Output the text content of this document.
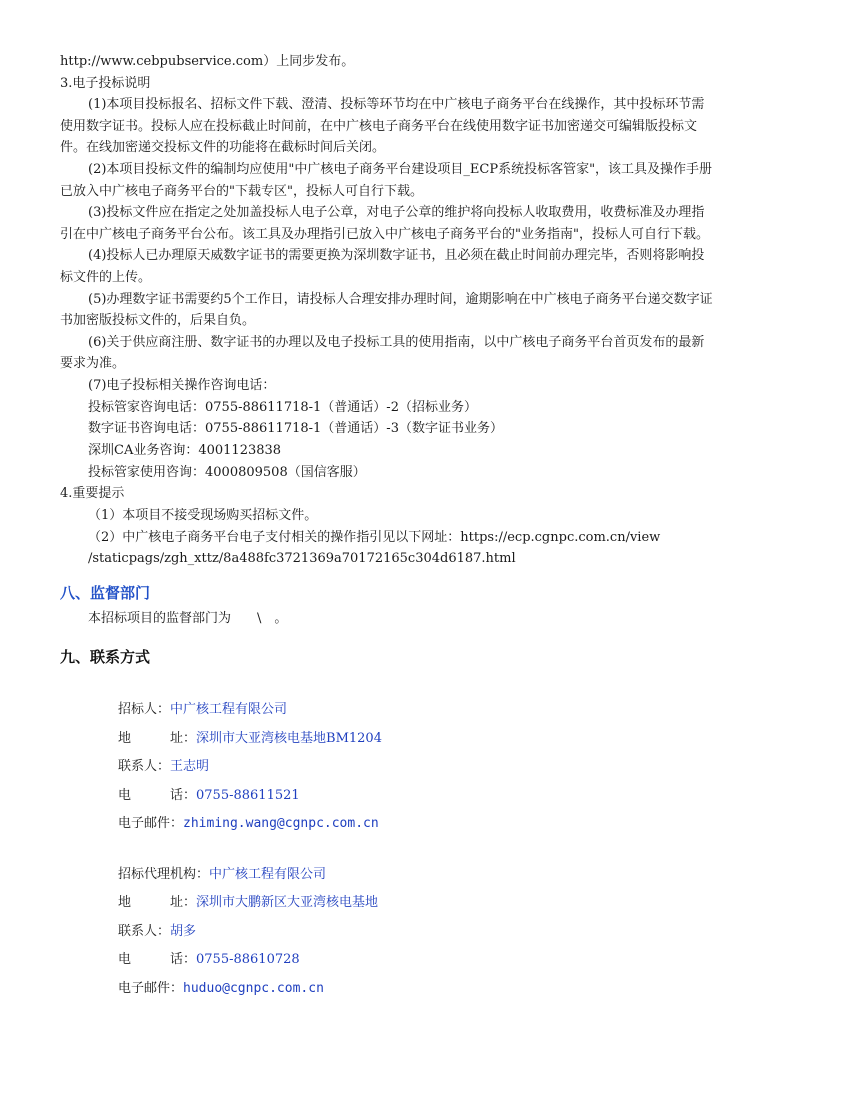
http://www.cebpubservice.com）上同步发布。
3.电子投标说明
(1)本项目投标报名、招标文件下载、澄清、投标等环节均在中广核电子商务平台在线操作，其中投标环节需
使用数字证书。投标人应在投标截止时间前，在中广核电子商务平台在线使用数字证书加密递交可编辑版投标文
件。在线加密递交投标文件的功能将在截标时间后关闭。
(2)本项目投标文件的编制均应使用"中广核电子商务平台建设项目_ECP系统投标客管家"，该工具及操作手册
已放入中广核电子商务平台的"下载专区"，投标人可自行下载。
(3)投标文件应在指定之处加盖投标人电子公章，对电子公章的维护将向投标人收取费用，收费标准及办理指
引在中广核电子商务平台公布。该工具及办理指引已放入中广核电子商务平台的"业务指南"，投标人可自行下载。
(4)投标人已办理原天威数字证书的需要更换为深圳数字证书，且必须在截止时间前办理完毕，否则将影响投
标文件的上传。
(5)办理数字证书需要约5个工作日，请投标人合理安排办理时间，逾期影响在中广核电子商务平台递交数字证
书加密版投标文件的，后果自负。
(6)关于供应商注册、数字证书的办理以及电子投标工具的使用指南，以中广核电子商务平台首页发布的最新
要求为准。
(7)电子投标相关操作咨询电话：
投标管家咨询电话：0755-88611718-1（普通话）-2（招标业务）
数字证书咨询电话：0755-88611718-1（普通话）-3（数字证书业务）
深圳CA业务咨询：4001123838
投标管家使用咨询：4000809508（国信客服）
4.重要提示
（1）本项目不接受现场购买招标文件。
（2）中广核电子商务平台电子支付相关的操作指引见以下网址：https://ecp.cgnpc.com.cn/view
/staticpags/zgh_xttz/8a488fc3721369a70172165c304d6187.html
八、监督部门
本招标项目的监督部门为　　\　。
九、联系方式
招标人：中广核工程有限公司
地　　　址：深圳市大亚湾核电基地BM1204
联系人：王志明
电　　　话：0755-88611521
电子邮件：zhiming.wang@cgnpc.com.cn
招标代理机构：中广核工程有限公司
地　　　址：深圳市大鹏新区大亚湾核电基地
联系人：胡多
电　　　话：0755-88610728
电子邮件：huduo@cgnpc.com.cn
